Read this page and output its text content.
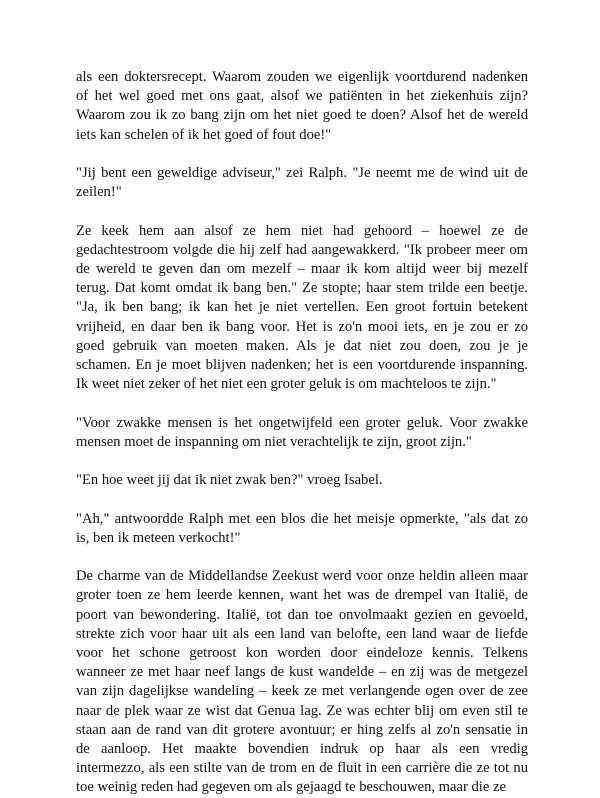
als een doktersrecept. Waarom zouden we eigenlijk voortdurend nadenken
of het wel goed met ons gaat, alsof we patiënten in het ziekenhuis zijn?
Waarom zou ik zo bang zijn om het niet goed te doen? Alsof het de wereld
iets kan schelen of ik het goed of fout doe!"
"Jij bent een geweldige adviseur," zei Ralph. "Je neemt me de wind uit de
zeilen!"
Ze keek hem aan alsof ze hem niet had gehoord – hoewel ze de
gedachtestroom volgde die hij zelf had aangewakkerd. "Ik probeer meer om
de wereld te geven dan om mezelf – maar ik kom altijd weer bij mezelf
terug. Dat komt omdat ik bang ben." Ze stopte; haar stem trilde een beetje.
"Ja, ik ben bang; ik kan het je niet vertellen. Een groot fortuin betekent
vrijheid, en daar ben ik bang voor. Het is zo'n mooi iets, en je zou er zo
goed gebruik van moeten maken. Als je dat niet zou doen, zou je je
schamen. En je moet blijven nadenken; het is een voortdurende inspanning.
Ik weet niet zeker of het niet een groter geluk is om machteloos te zijn."
"Voor zwakke mensen is het ongetwijfeld een groter geluk. Voor zwakke
mensen moet de inspanning om niet verachtelijk te zijn, groot zijn."
"En hoe weet jij dat ik niet zwak ben?" vroeg Isabel.
"Ah," antwoordde Ralph met een blos die het meisje opmerkte, "als dat zo
is, ben ik meteen verkocht!"
De charme van de Middellandse Zeekust werd voor onze heldin alleen maar
groter toen ze hem leerde kennen, want het was de drempel van Italië, de
poort van bewondering. Italië, tot dan toe onvolmaakt gezien en gevoeld,
strekte zich voor haar uit als een land van belofte, een land waar de liefde
voor het schone getroost kon worden door eindeloze kennis. Telkens
wanneer ze met haar neef langs de kust wandelde – en zij was de metgezel
van zijn dagelijkse wandeling – keek ze met verlangende ogen over de zee
naar de plek waar ze wist dat Genua lag. Ze was echter blij om even stil te
staan aan de rand van dit grotere avontuur; er hing zelfs al zo'n sensatie in
de aanloop. Het maakte bovendien indruk op haar als een vredig
intermezzo, als een stilte van de trom en de fluit in een carrière die ze tot nu
toe weinig reden had gegeven om als gejaagd te beschouwen, maar die ze
